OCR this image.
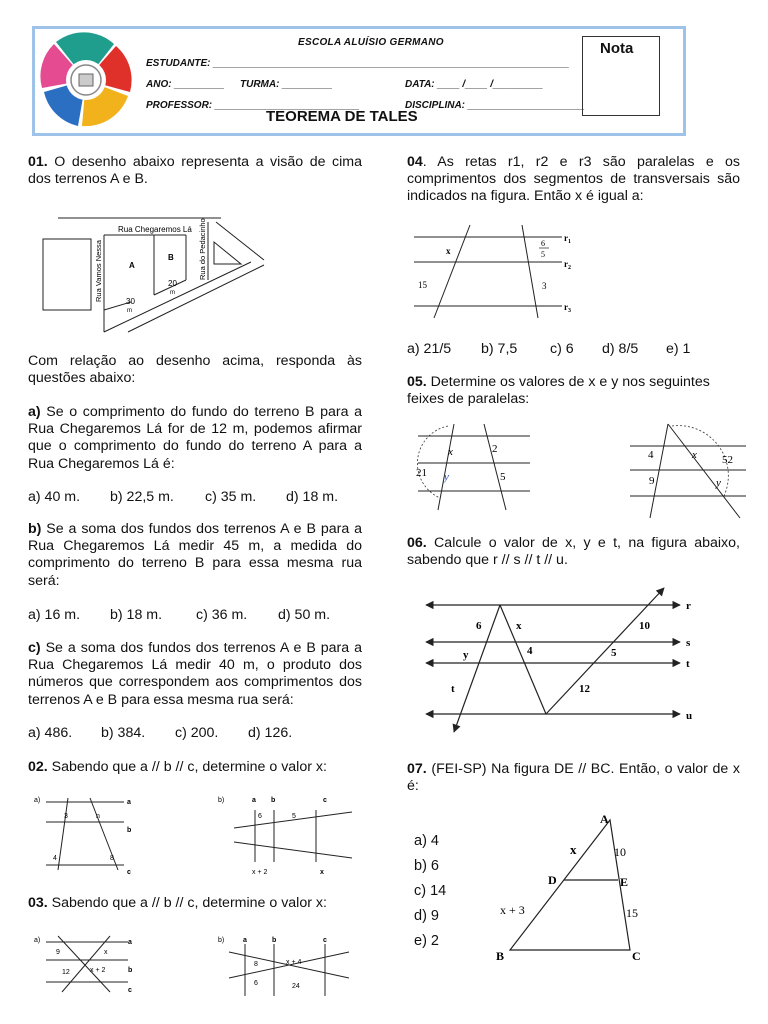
ESCOLA ALUÍSIO GERMANO
ESTUDANTE: ________________________________________________________________
ANO: _________ TURMA: _________	DATA: ____ /____ /_________
PROFESSOR: __________________________	DISCIPLINA: _____________________
Nota
TEOREMA DE TALES
01. O desenho abaixo representa a visão de cima dos terrenos A e B.
Rua Chegaremos Lá
Rua Vamos Nessa	Rua do Pedacinho
A
B
30
m
20
m
Com relação ao desenho acima, responda às questões abaixo:
a) Se o comprimento do fundo do terreno B para a Rua Chegaremos Lá for de 12 m, podemos afirmar que o comprimento do fundo do terreno A para a Rua Chegaremos Lá é:
a) 40 m. b) 22,5 m. c) 35 m. d) 18 m.
b) Se a soma dos fundos dos terrenos A e B para a Rua Chegaremos Lá medir 45 m, a medida do comprimento do terreno B para essa mesma rua será:
a) 16 m. b) 18 m. c) 36 m. d) 50 m.
c) Se a soma dos fundos dos terrenos A e B para a Rua Chegaremos Lá medir 40 m, o produto dos números que correspondem aos comprimentos dos terrenos A e B para essa mesma rua será:
a) 486. b) 384. c) 200. d) 126.
02. Sabendo que a // b // c, determine o valor x:
a)	a
b
c
3	n
4	8
b)	a b	c
6	5
x + 2	x
03. Sabendo que a // b // c, determine o valor x:
a)	a
b
c
9	x
12	x + 2
b)	a	b	c
8	x + 4
6	24
04. As retas r1, r2 e r3 são paralelas e os comprimentos dos segmentos de transversais são indicados na figura. Então x é igual a:
x
6
5
15	3
$r_1$
$r_2$
$r_3$
a) 21/5 b) 7,5 c) 6 d) 8/5 e) 1
05. Determine os valores de x e y nos seguintes feixes de paralelas:
x	2
21 y	5
4	x 52
9	y
06. Calcule o valor de x, y e t, na figura abaixo, sabendo que r // s // t // u.
r
s
t
u
6	x	10
y	4	5
t	12
07. (FEI-SP) Na figura DE // BC. Então, o valor de x é:
a) 4
b) 6
c) 14
d) 9
e) 2
A
B	C
D	E
x	10
x + 3	15
